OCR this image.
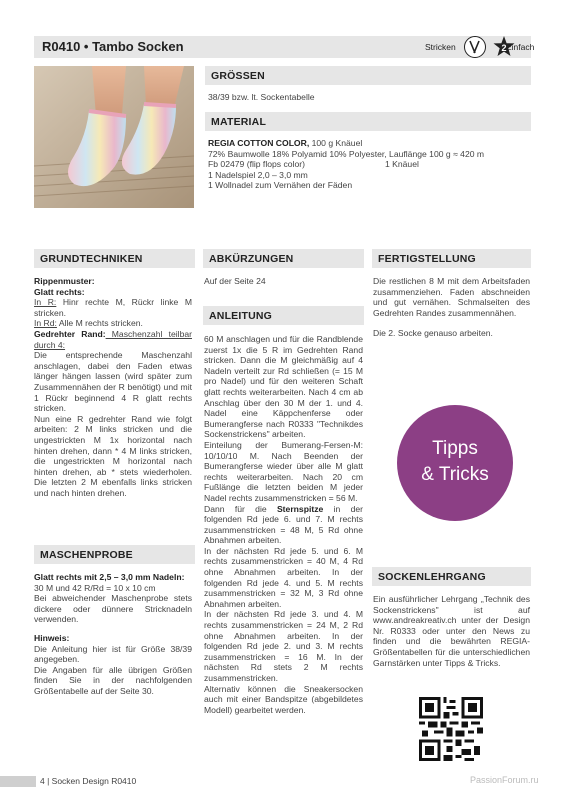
R0410 • Tambo Socken	Stricken	2 Einfach
GRÖSSEN

38/39 bzw. lt. Sockentabelle

MATERIAL

REGIA COTTON COLOR, 100 g Knäuel

72% Baumwolle 18% Polyamid 10% Polyester, Lauflänge 100 g ≈ 420 m

Fb 02479 (flip flops color)	1 Knäuel

1 Nadelspiel 2,0 – 3,0 mm

1 Wollnadel zum Vernähen der Fäden

GRUNDTECHNIKEN

Rippenmuster:

Glatt rechts:

In R: Hinr rechte M, Rückr linke M stricken.

In Rd: Alle M rechts stricken.

Gedrehter Rand: Maschenzahl teilbar durch 4:

Die entsprechende Maschenzahl anschlagen, dabei den Faden etwas länger hängen lassen (wird später zum Zusammennähen der R benötigt) und mit 1 Rückr beginnend 4 R glatt rechts stricken.

Nun eine R gedrehter Rand wie folgt arbeiten: 2 M links stricken und die ungestrickten M 1x horizontal nach hinten drehen, dann * 4 M links stricken, die ungestrickten M horizontal nach hinten drehen, ab * stets wiederholen. Die letzten 2 M ebenfalls links stricken und nach hinten drehen.

MASCHENPROBE

Glatt rechts mit 2,5 – 3,0 mm Nadeln:

30 M und 42 R/Rd = 10 x 10 cm

Bei abweichender Maschenprobe stets dickere oder dünnere Stricknadeln verwenden.

Hinweis:

Die Anleitung hier ist für Größe 38/39 angegeben.

Die Angaben für alle übrigen Größen finden Sie in der nachfolgenden Größentabelle auf der Seite 30.

ABKÜRZUNGEN

Auf der Seite 24

ANLEITUNG

60 M anschlagen und für die Randblende zuerst 1x die 5 R im Gedrehten Rand stricken. Dann die M gleichmäßig auf 4 Nadeln verteilt zur Rd schließen (= 15 M pro Nadel) und für den weiteren Schaft glatt rechts weiterarbeiten. Nach 4 cm ab Anschlag über den 30 M der 1. und 4. Nadel eine Käppchenferse oder Bumerangferse nach R0333 "Technikdes Sockenstrickens" arbeiten.

Einteilung der Bumerang-Fersen-M: 10/10/10 M. Nach Beenden der Bumerangferse wieder über alle M glatt rechts weiterarbeiten. Nach 20 cm Fußlänge die letzten beiden M jeder Nadel rechts zusammenstricken = 56 M.

Dann für die Sternspitze in der folgenden Rd jede 6. und 7. M rechts zusammenstricken = 48 M, 5 Rd ohne Abnahmen arbeiten.

In der nächsten Rd jede 5. und 6. M rechts zusammenstricken = 40 M, 4 Rd ohne Abnahmen arbeiten. In der folgenden Rd jede 4. und 5. M rechts zusammenstricken = 32 M, 3 Rd ohne Abnahmen arbeiten.

In der nächsten Rd jede 3. und 4. M rechts zusammenstricken = 24 M, 2 Rd ohne Abnahmen arbeiten. In der folgenden Rd jede 2. und 3. M rechts zusammenstricken = 16 M. In der nächsten Rd stets 2 M rechts zusammenstricken.

Alternativ können die Sneakersocken auch mit einer Bandspitze (abgebildetes Modell) gearbeitet werden.

FERTIGSTELLUNG

Die restlichen 8 M mit dem Arbeitsfaden zusammenziehen. Faden abschneiden und gut vernähen. Schmalseiten des Gedrehten Randes zusammennähen.

Die 2. Socke genauso arbeiten.

Tipps
& Tricks
SOCKENLEHRGANG

Ein ausführlicher Lehrgang „Technik des Sockenstrickens" ist auf www.andreakreativ.ch unter der Design Nr. R0333 oder unter den News zu finden und die bewährten REGIA-Größentabellen für die unterschiedlichen Garnstärken unter Tipps & Tricks.

4 | Socken Design R0410	PassionForum.ru
